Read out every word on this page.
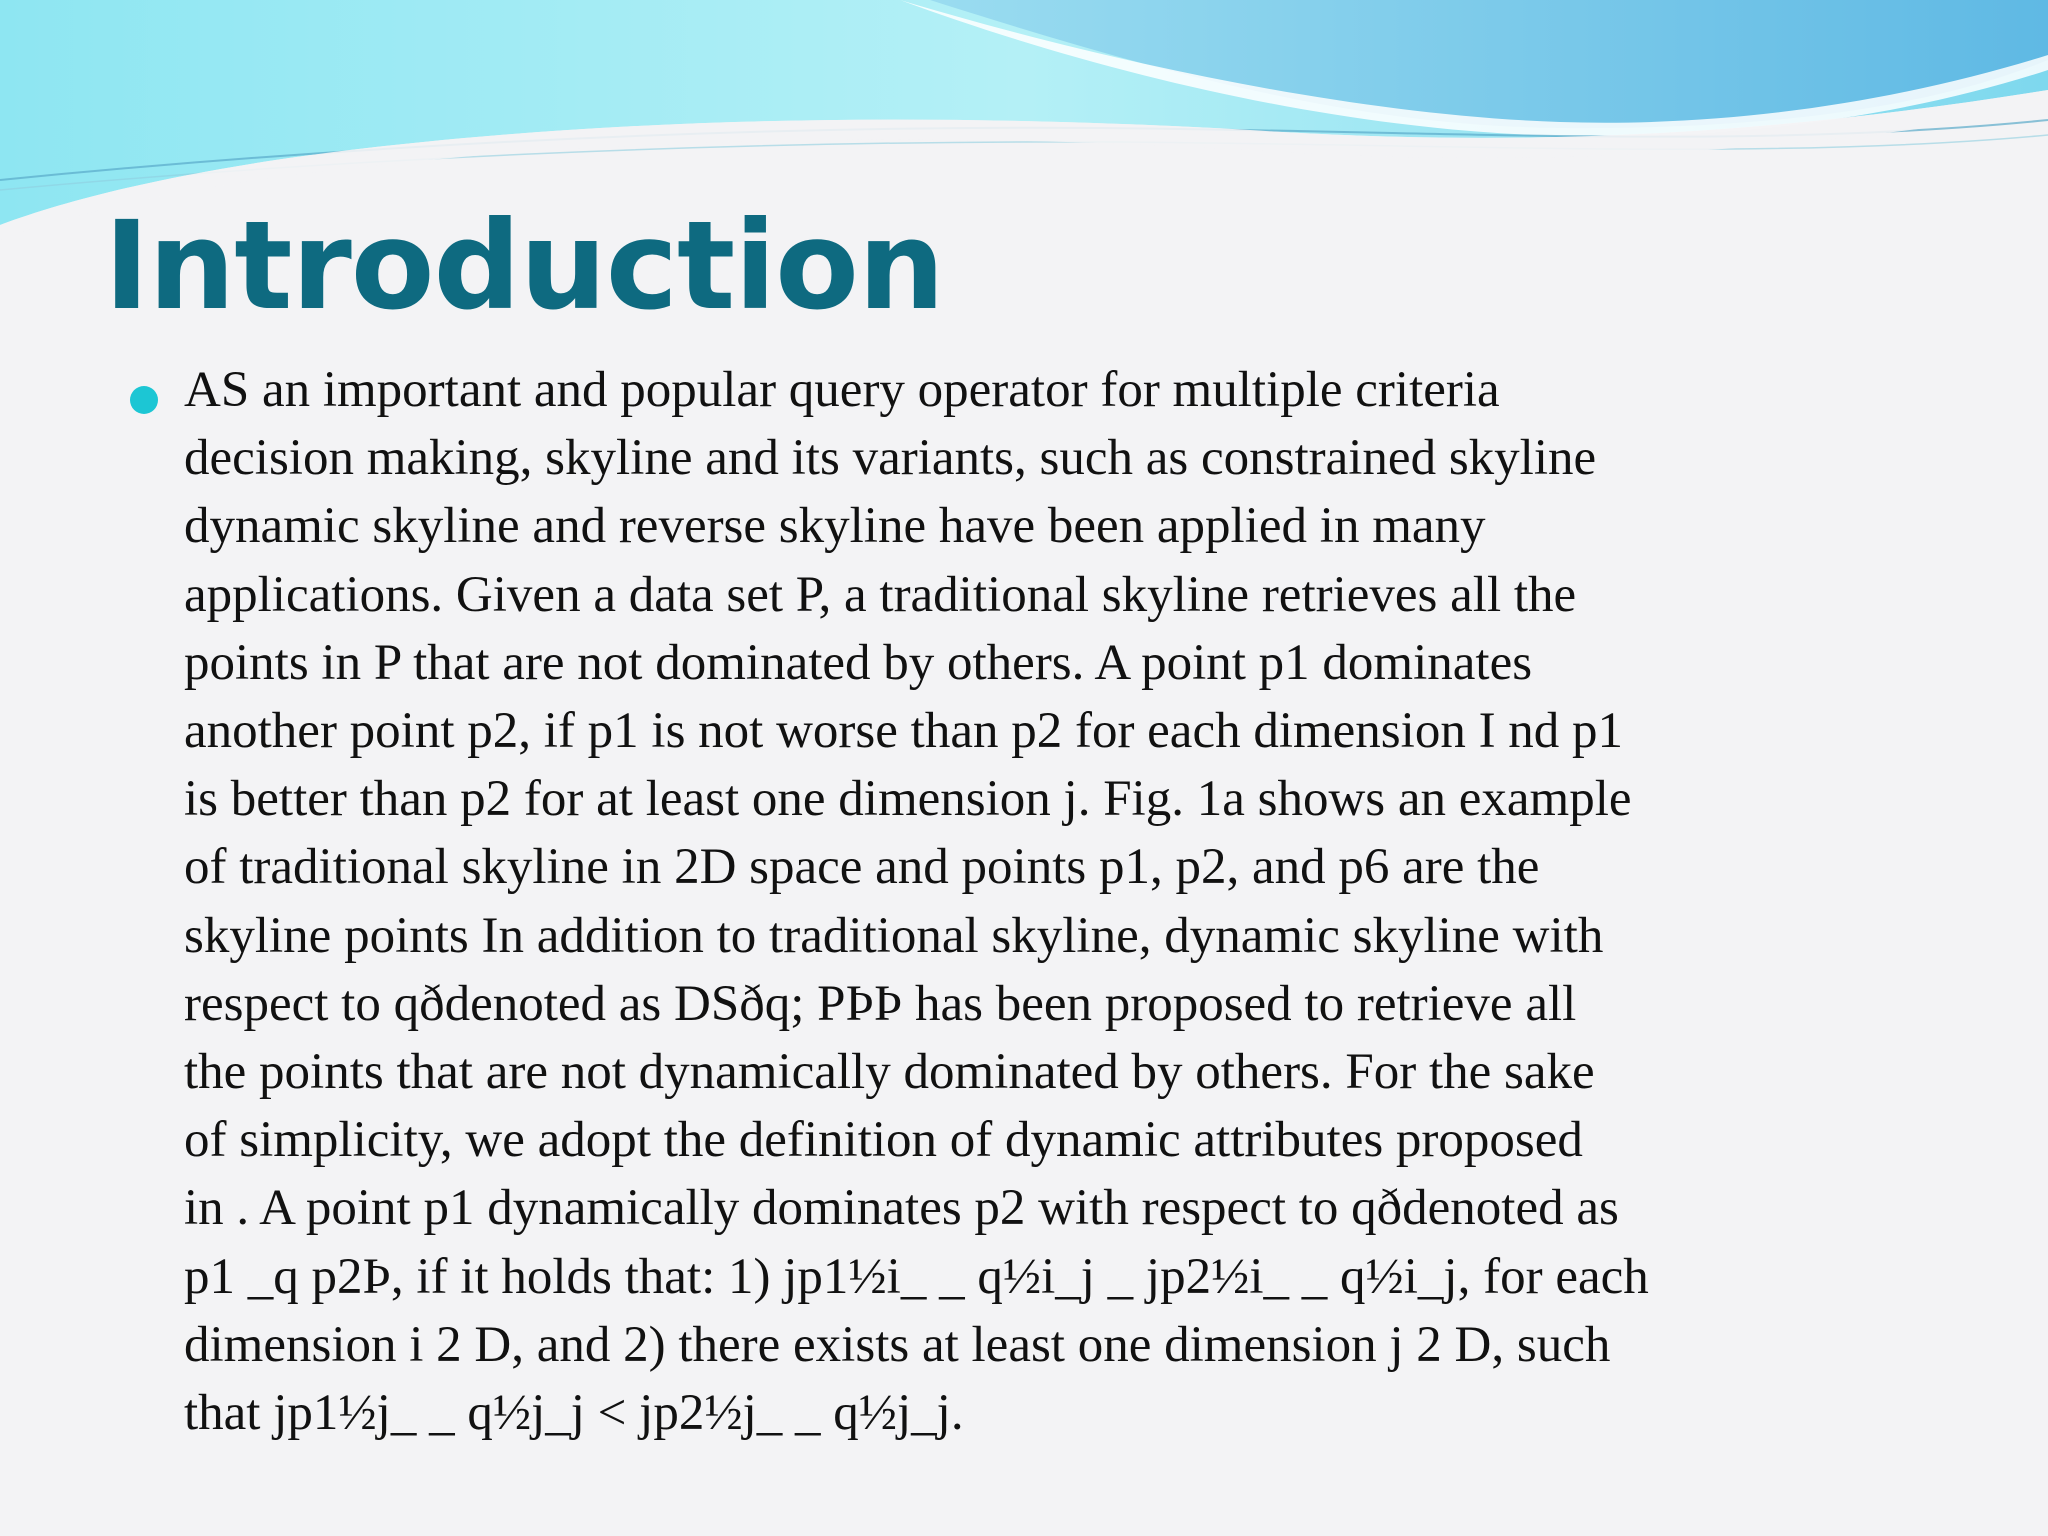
Introduction

AS an important and popular query operator for multiple criteria
decision making, skyline and its variants, such as constrained skyline
dynamic skyline and reverse skyline have been applied in many
applications. Given a data set P, a traditional skyline retrieves all the
points in P that are not dominated by others. A point p1 dominates
another point p2, if p1 is not worse than p2 for each dimension I nd p1
is better than p2 for at least one dimension j. Fig. 1a shows an example
of traditional skyline in 2D space and points p1, p2, and p6 are the
skyline points In addition to traditional skyline, dynamic skyline with
respect to qðdenoted as DSðq; PÞÞ has been proposed to retrieve all
the points that are not dynamically dominated by others. For the sake
of simplicity, we adopt the definition of dynamic attributes proposed
in . A point p1 dynamically dominates p2 with respect to qðdenoted as
p1 _q p2Þ, if it holds that: 1) jp1½i_ _ q½i_j _ jp2½i_ _ q½i_j, for each
dimension i 2 D, and 2) there exists at least one dimension j 2 D, such
that jp1½j_ _ q½j_j < jp2½j_ _ q½j_j.
